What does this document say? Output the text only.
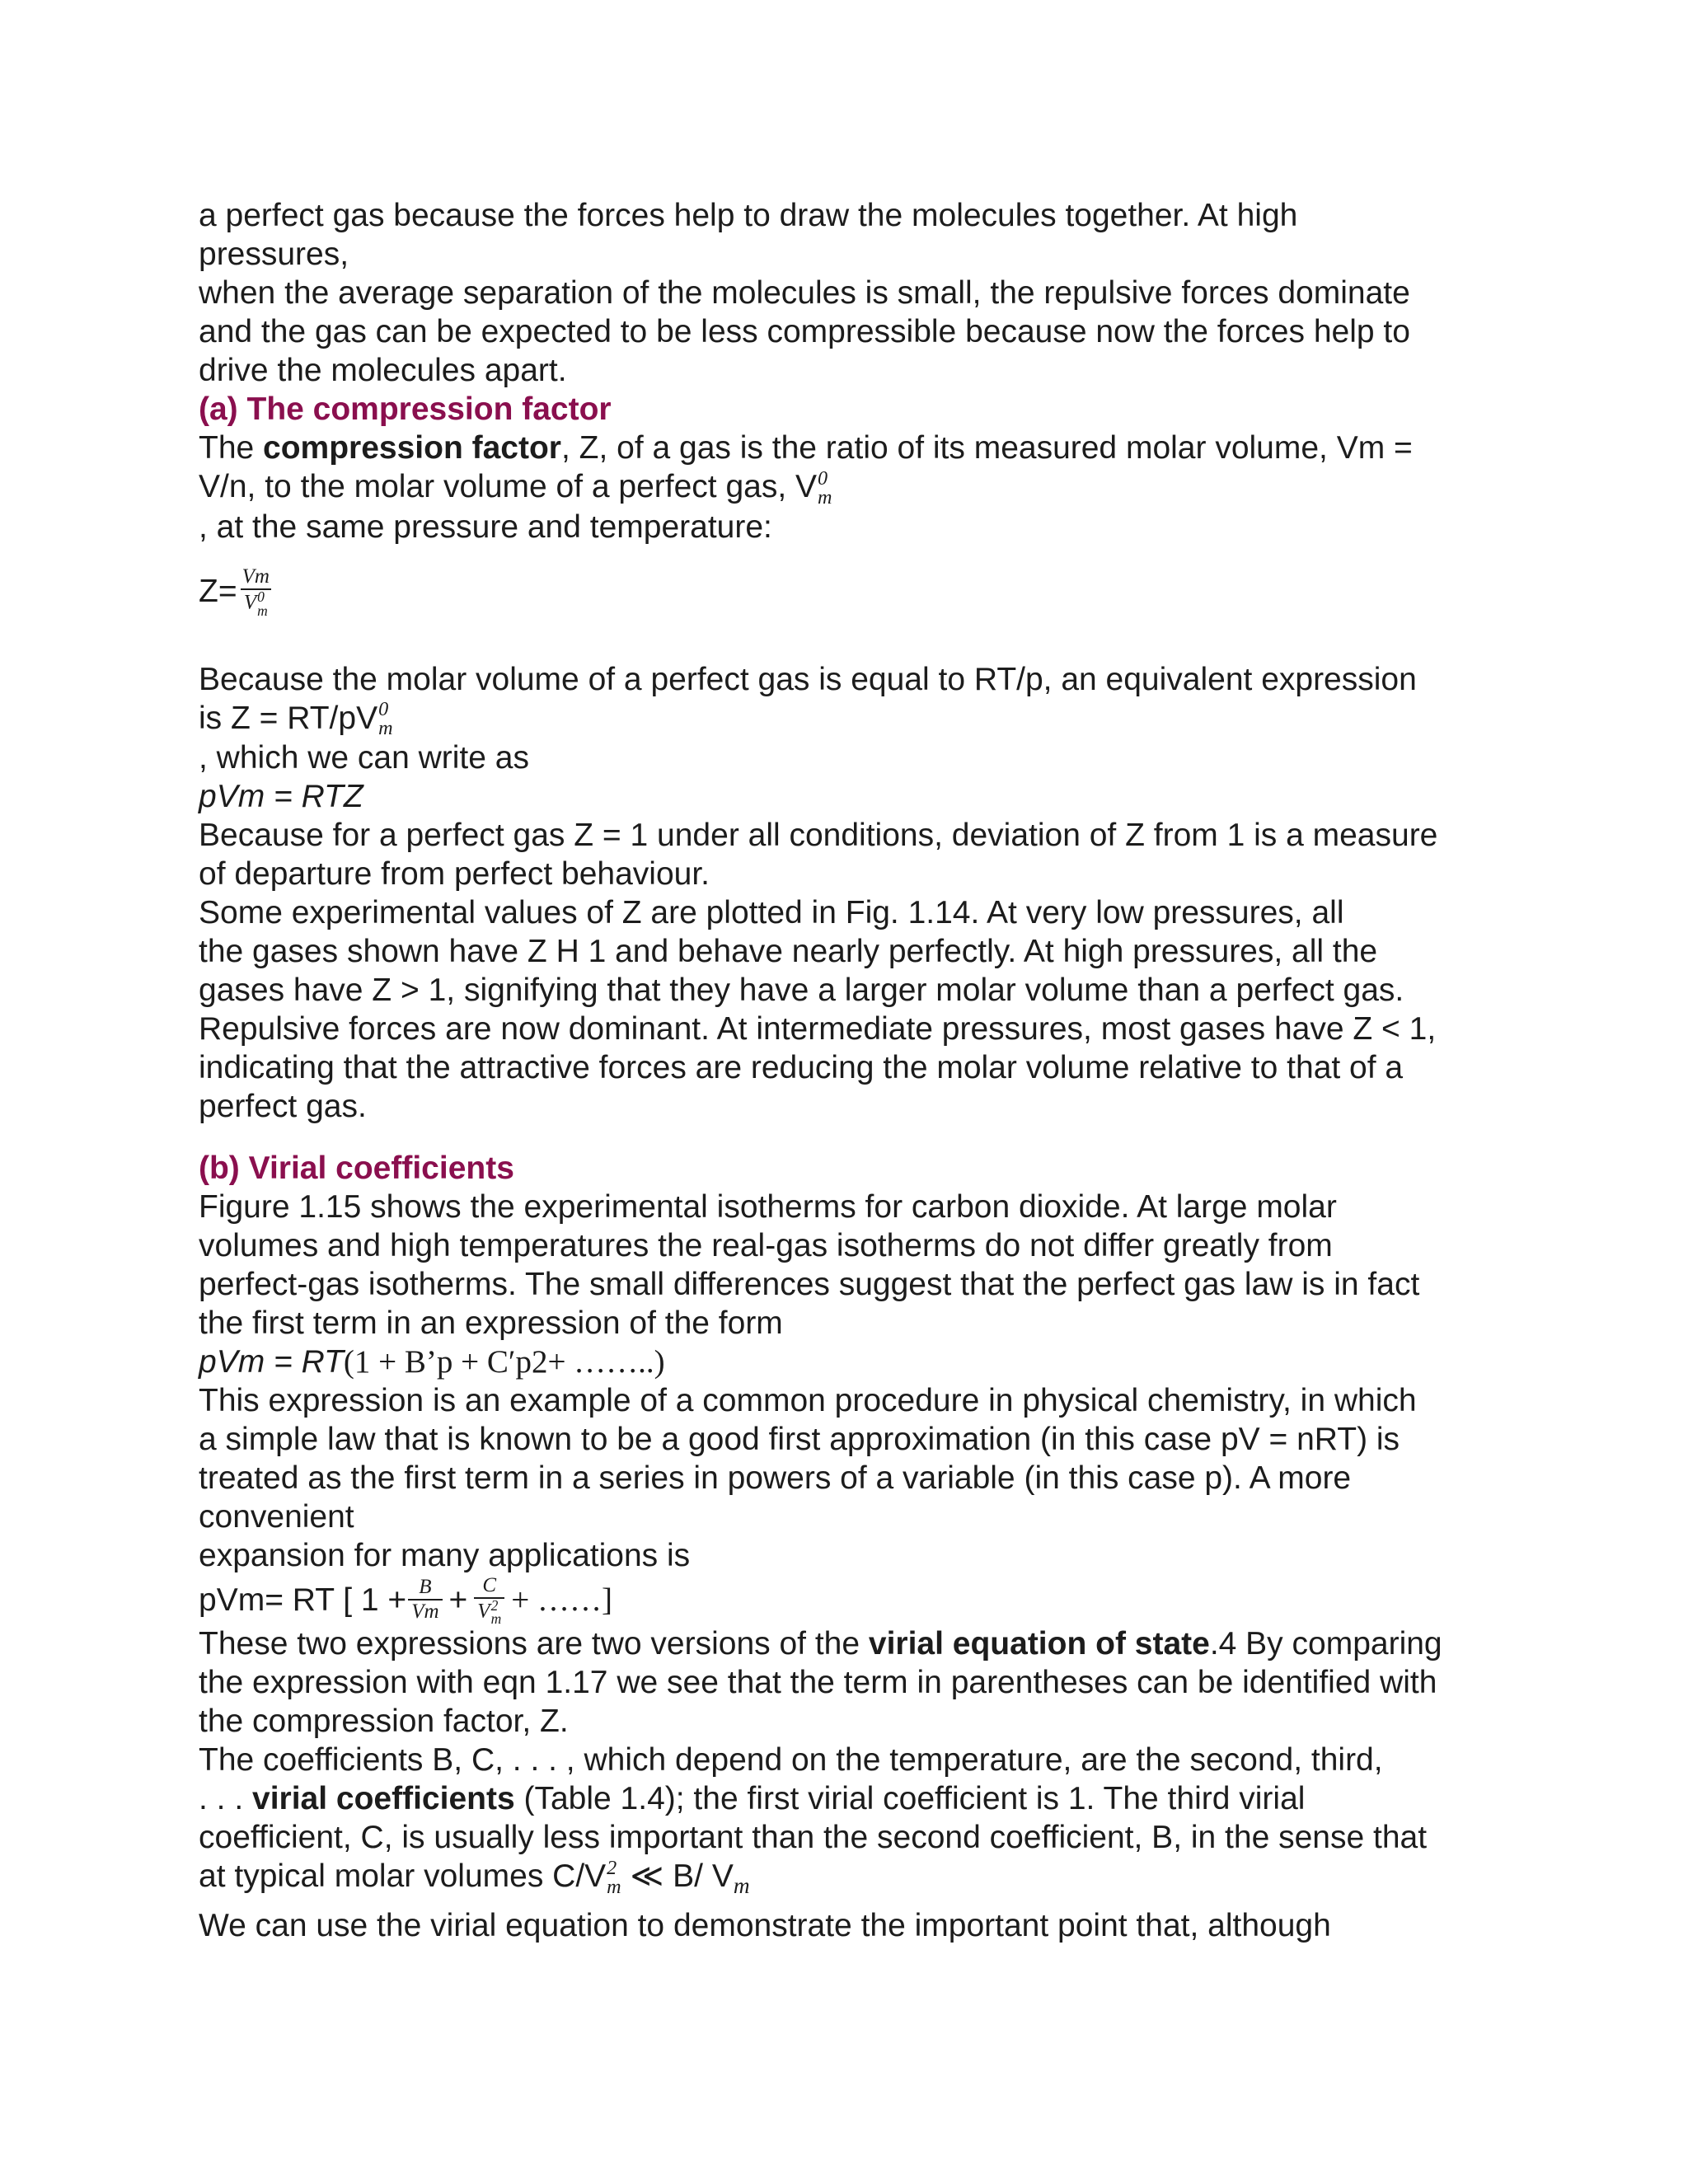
a perfect gas because the forces help to draw the molecules together. At high
pressures,
when the average separation of the molecules is small, the repulsive forces dominate
and the gas can be expected to be less compressible because now the forces help to
drive the molecules apart.
(a) The compression factor
The compression factor, Z, of a gas is the ratio of its measured molar volume, Vm =
V/n, to the molar volume of a perfect gas, V 0
m
, at the same pressure and temperature:
Z= Vm
V 0
m
Because the molar volume of a perfect gas is equal to RT/p, an equivalent expression
is Z = RT/pV 0
m
, which we can write as
pVm = RTZ
Because for a perfect gas Z = 1 under all conditions, deviation of Z from 1 is a measure
of departure from perfect behaviour.
Some experimental values of Z are plotted in Fig. 1.14. At very low pressures, all
the gases shown have Z H 1 and behave nearly perfectly. At high pressures, all the
gases have Z > 1, signifying that they have a larger molar volume than a perfect gas.
Repulsive forces are now dominant. At intermediate pressures, most gases have Z < 1,
indicating that the attractive forces are reducing the molar volume relative to that of a
perfect gas.
(b) Virial coefficients
Figure 1.15 shows the experimental isotherms for carbon dioxide. At large molar
volumes and high temperatures the real-gas isotherms do not differ greatly from
perfect-gas isotherms. The small differences suggest that the perfect gas law is in fact
the first term in an expression of the form
pVm = RT(1 + B’p + C′p2+ ……..)
This expression is an example of a common procedure in physical chemistry, in which
a simple law that is known to be a good first approximation (in this case pV = nRT) is
treated as the first term in a series in powers of a variable (in this case p). A more
convenient
expansion for many applications is
pVm= RT [ $1 + \frac{B}{Vm} + C$
V 2
m + ……]
These two expressions are two versions of the virial equation of state.4 By comparing
the expression with eqn 1.17 we see that the term in parentheses can be identified with
the compression factor, Z.
The coefficients B, C, . . . , which depend on the temperature, are the second, third,
. . . virial coefficients (Table 1.4); the first virial coefficient is 1. The third virial
coefficient, C, is usually less important than the second coefficient, B, in the sense that
at typical molar volumes C/V 2
m ≪ B/ $V_m$
We can use the virial equation to demonstrate the important point that, although
